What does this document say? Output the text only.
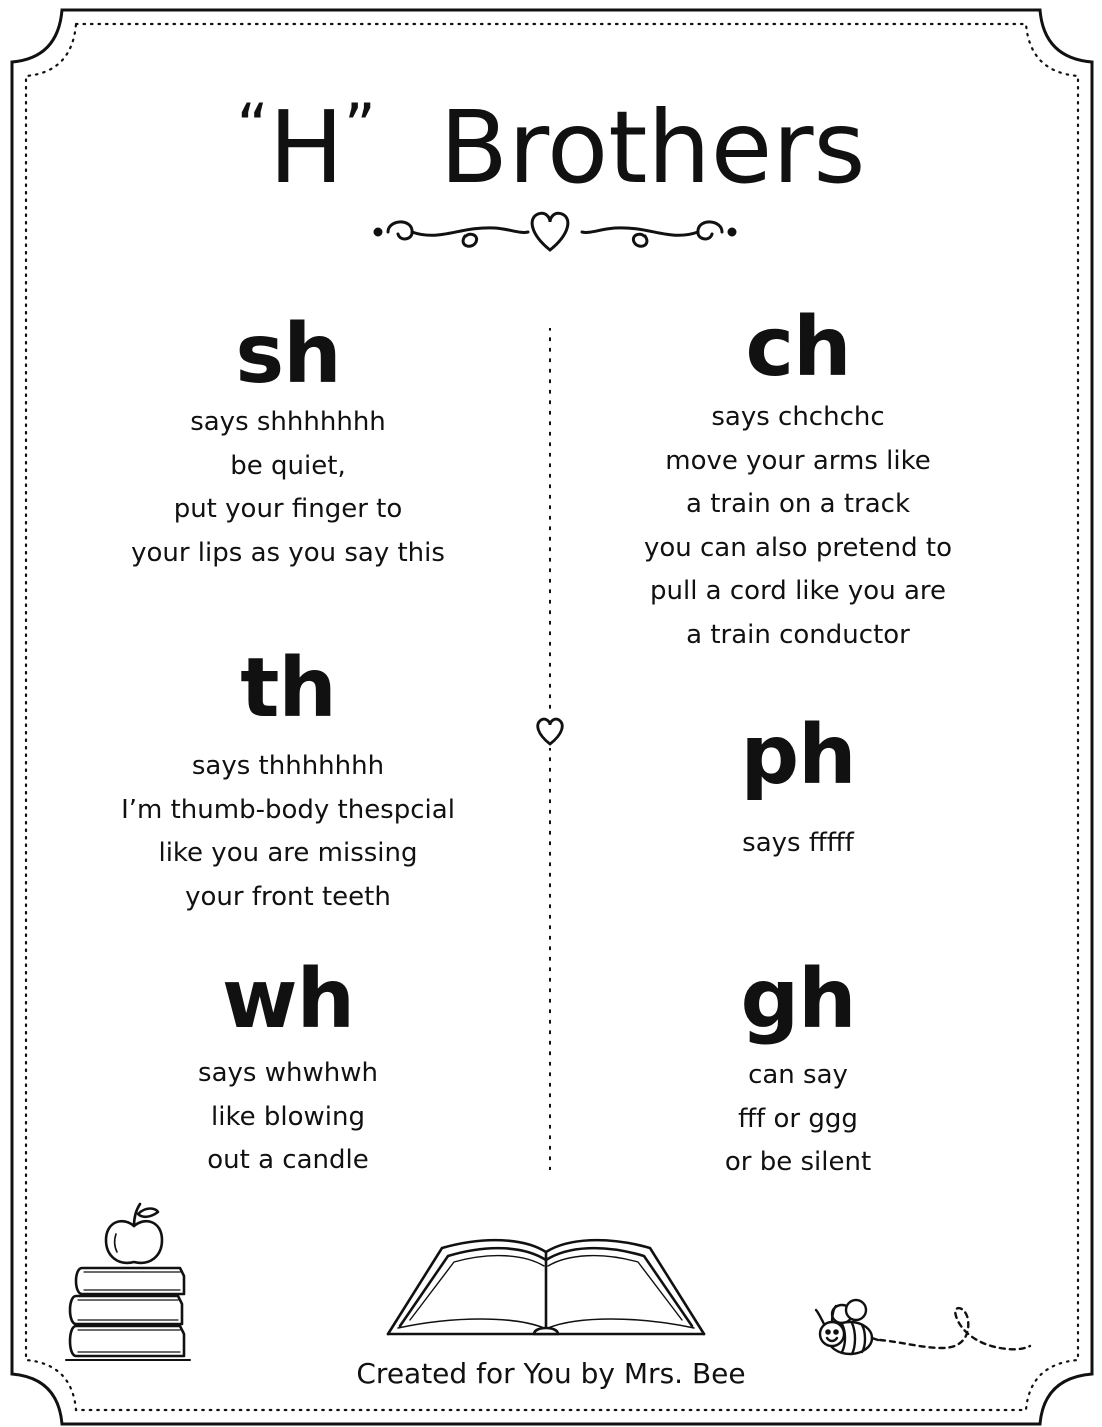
“H” Brothers
sh
says shhhhhhh
be quiet,
put your finger to
your lips as you say this
th
says thhhhhhh
I’m thumb-body thespcial
like you are missing
your front teeth
wh
says whwhwh
like blowing
out a candle
ch
says chchchc
move your arms like
a train on a track
you can also pretend to
pull a cord like you are
a train conductor
ph
says fffff
gh
can say
fff or ggg
or be silent
Created for You by Mrs. Bee
